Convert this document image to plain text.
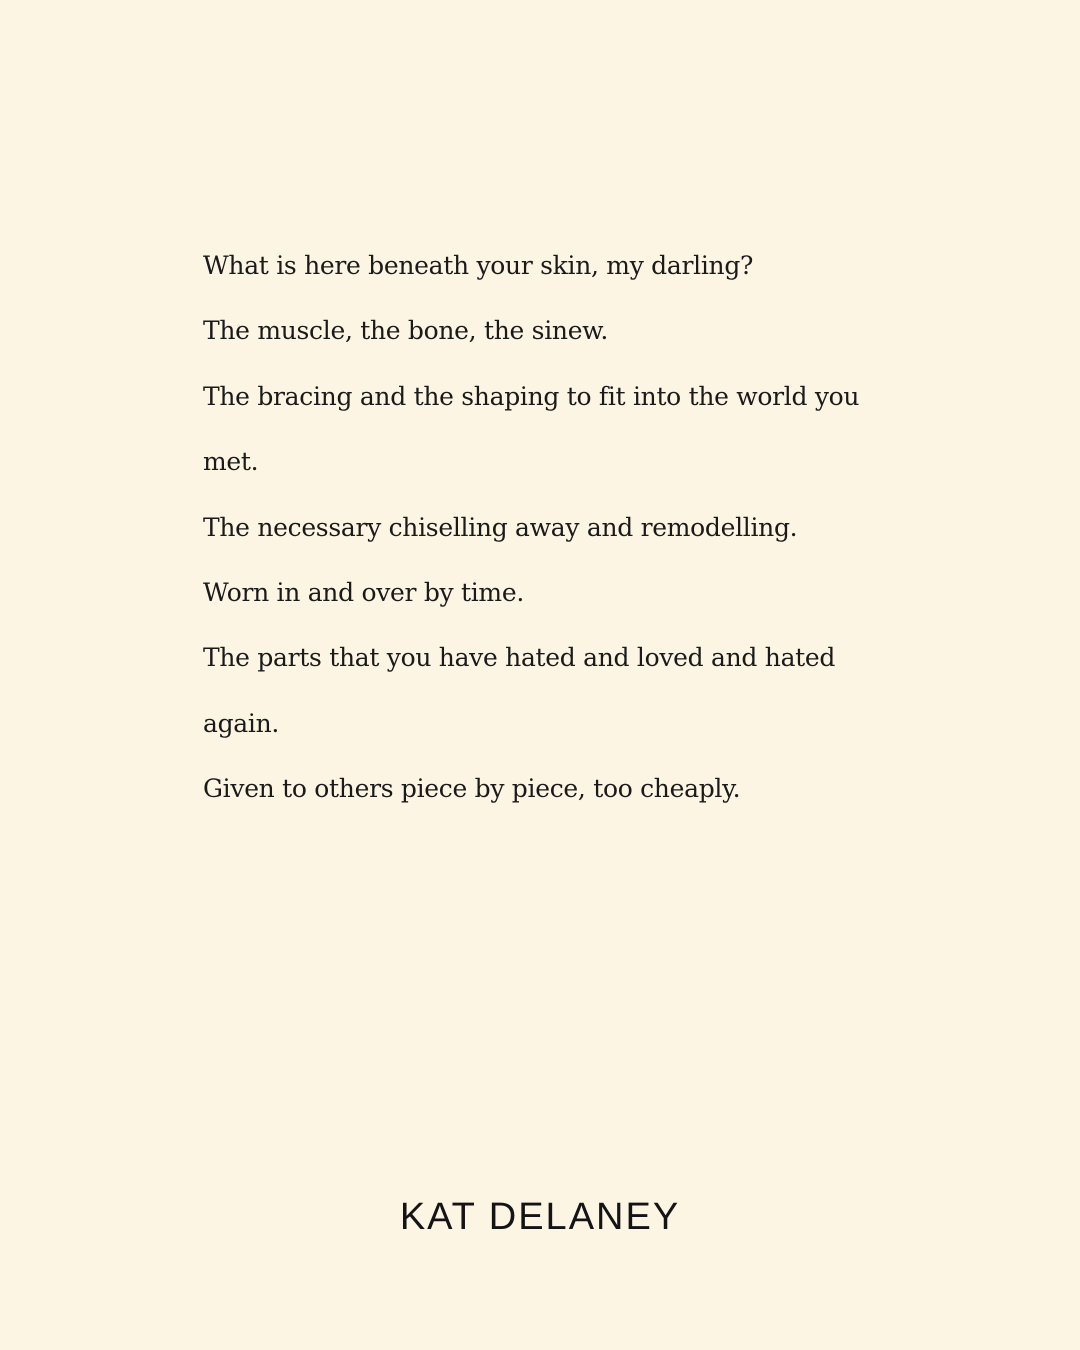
What is here beneath your skin, my darling?
The muscle, the bone, the sinew.
The bracing and the shaping to fit into the world you
met.
The necessary chiselling away and remodelling.
Worn in and over by time.
The parts that you have hated and loved and hated
again.
Given to others piece by piece, too cheaply.
KAT DELANEY
